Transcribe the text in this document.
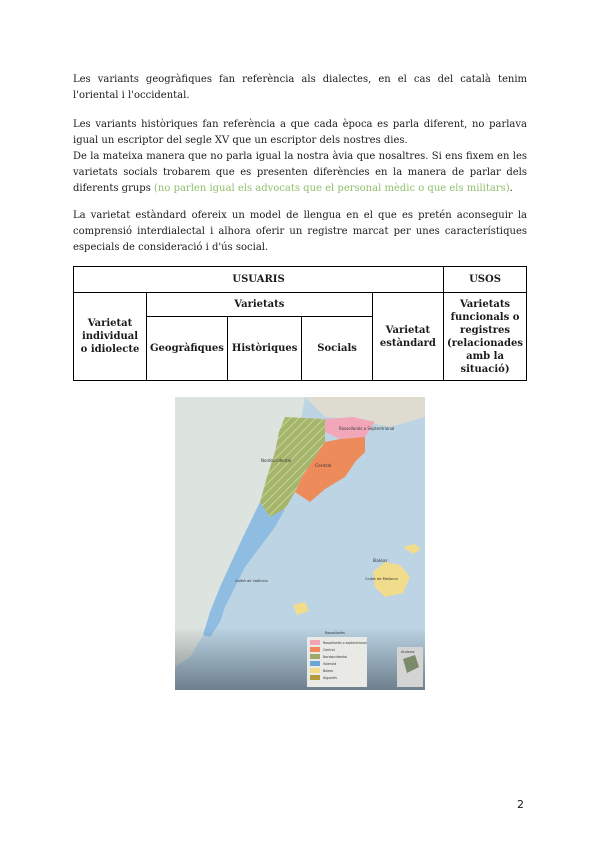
Les variants geogràfiques fan referència als dialectes, en el cas del català tenim l'oriental i l'occidental.

Les variants històriques fan referència a que cada època es parla diferent, no parlava igual un escriptor del segle XV que un escriptor dels nostres dies.

De la mateixa manera que no parla igual la nostra àvia que nosaltres. Si ens fixem en les varietats socials trobarem que es presenten diferències en la manera de parlar dels diferents grups (no parlen igual els advocats que el personal mèdic o que els militars).

La varietat estàndard ofereix un model de llengua en el que es pretén aconseguir la comprensió interdialectal i alhora oferir un registre marcat per unes característiques especials de consideració i d'ús social.

USUARIS					USOS
Varietat individual o idiolecte	Varietats			Varietat estàndard	Varietats funcionals o registres (relacionades amb la situació)
	Geogràfiques	Històriques	Socials		
Rossellonès o septentrional
Central
Nordoccidental
Valencià
Balear
Alguerès
Andorra
Rossellonès o Septentrional
Central
Nordoccidental
Balear
Ciutat de Mallorca
Golfet de València
Rossellonès
2
